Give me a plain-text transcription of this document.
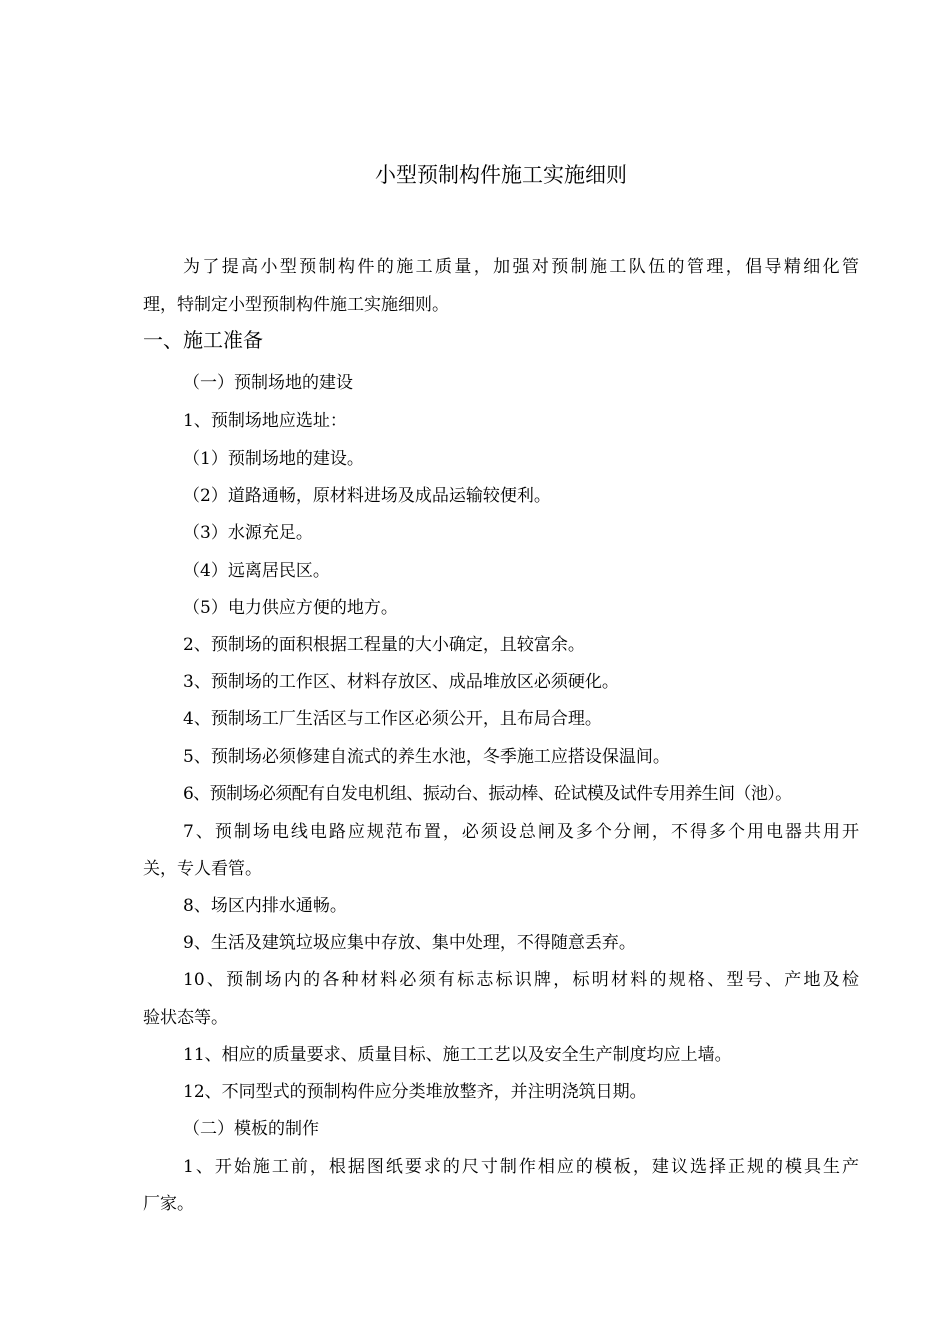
小型预制构件施工实施细则

为了提高小型预制构件的施工质量，加强对预制施工队伍的管理，倡导精细化管

理，特制定小型预制构件施工实施细则。

一、施工准备

（一）预制场地的建设

1、预制场地应选址：

（1）预制场地的建设。

（2）道路通畅，原材料进场及成品运输较便利。

（3）水源充足。

（4）远离居民区。

（5）电力供应方便的地方。

2、预制场的面积根据工程量的大小确定，且较富余。

3、预制场的工作区、材料存放区、成品堆放区必须硬化。

4、预制场工厂生活区与工作区必须公开，且布局合理。

5、预制场必须修建自流式的养生水池，冬季施工应搭设保温间。

6、预制场必须配有自发电机组、振动台、振动棒、砼试模及试件专用养生间（池）。

7、预制场电线电路应规范布置，必须设总闸及多个分闸，不得多个用电器共用开

关，专人看管。

8、场区内排水通畅。

9、生活及建筑垃圾应集中存放、集中处理，不得随意丢弃。

10、预制场内的各种材料必须有标志标识牌，标明材料的规格、型号、产地及检

验状态等。

11、相应的质量要求、质量目标、施工工艺以及安全生产制度均应上墙。

12、不同型式的预制构件应分类堆放整齐，并注明浇筑日期。

（二）模板的制作

1、开始施工前，根据图纸要求的尺寸制作相应的模板，建议选择正规的模具生产

厂家。
